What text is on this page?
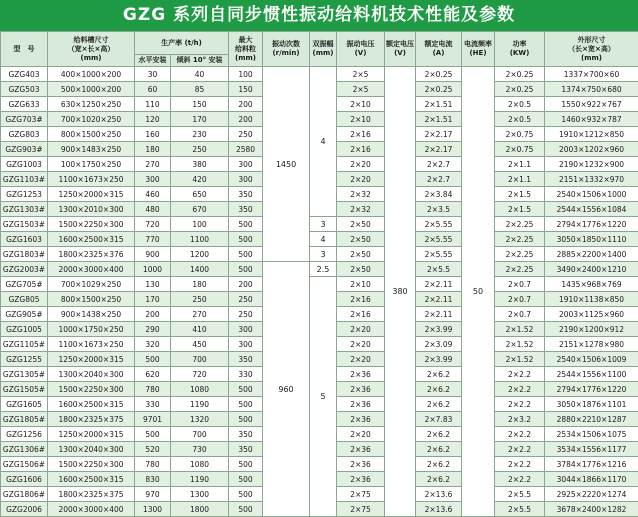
GZG 系列自同步惯性振动给料机技术性能及参数
型　号	给料槽尺寸
（宽×长×高）
(mm)	生产率 (t/h)		最大
给料粒
(mm)	振动次数
(r/min)	双振幅
(mm)	振动电压
(V)	额定电压
(V)	额定电流
(A)	电流频率
(HE)	功率
(KW)	外形尺寸
（长×宽×高）
(mm)
		水平安装	倾斜 10° 安装									
GZG403	400×1000×200	30	40	100	1450	4	2×5	380	2×0.25	50	2×0.25	1337×700×60
GZG503	500×1000×200	60	85	150			2×5		2×0.25		2×0.25	1374×750×680
GZG633	630×1250×250	110	150	200			2×10		2×1.51		2×0.5	1550×922×767
GZG703#	700×1020×250	120	170	200			2×10		2×1.51		2×0.5	1460×932×787
GZG803	800×1500×250	160	230	250			2×16		2×2.17		2×0.75	1910×1212×850
GZG903#	900×1483×250	180	250	2580			2×16		2×2.17		2×0.75	2003×1202×960
GZG1003	100×1750×250	270	380	300			2×20		2×2.7		2×1.1	2190×1232×900
GZG1103#	1100×1673×250	300	420	300			2×20		2×2.7		2×1.1	2151×1332×970
GZG1253	1250×2000×315	460	650	350			2×32		2×3.84		2×1.5	2540×1506×1000
GZG1303#	1300×2010×300	480	670	350			2×32		2×3.5		2×1.5	2544×1556×1084
GZG1503#	1500×2250×300	720	100	500		3	2×50		2×5.55		2×2.25	2794×1776×1220
GZG1603	1600×2500×315	770	1100	500		4	2×50		2×5.55		2×2.25	3050×1850×1110
GZG1803#	1800×2325×376	900	1200	500		3	2×50		2×5.55		2×2.25	2885×2200×1400
GZG2003#	2000×3000×400	1000	1400	500	960	2.5	2×50		2×5.5		2×2.25	3490×2400×1210
GZG705#	700×1029×250	130	180	200		5	2×10		2×2.11		2×0.7	1435×968×769
GZG805	800×1500×250	170	250	250			2×16		2×2.11		2×0.7	1910×1138×850
GZG905#	900×1438×250	200	270	250			2×16		2×2.11		2×0.7	2003×1125×960
GZG1005	1000×1750×250	290	410	300			2×20		2×3.99		2×1.52	2190×1200×912
GZG1105#	1100×1673×250	320	450	300			2×20		2×3.09		2×1.52	2151×1278×980
GZG1255	1250×2000×315	500	700	350			2×20		2×3.99		2×1.52	2540×1506×1009
GZG1305#	1300×2040×300	620	720	330			2×36		2×6.2		2×2.2	2544×1556×1100
GZG1505#	1500×2250×300	780	1080	500			2×36		2×6.2		2×2.2	2794×1776×1220
GZG1605	1600×2500×315	330	1190	500			2×36		2×6.2		2×2.2	3050×1876×1101
GZG1805#	1800×2325×375	9701	1320	500			2×36		2×7.83		2×3.2	2880×2210×1287
GZG1256	1250×2000×315	500	700	350			2×20		2×6.2		2×2.2	2534×1506×1075
GZG1306#	1300×2040×300	520	730	350			2×36		2×6.2		2×2.2	3534×1556×1177
GZG1506#	1500×2250×300	780	1080	500			2×36		2×6.2		2×2.2	3784×1776×1216
GZG1606	1600×2500×315	830	1190	500			2×36		2×6.2		2×2.2	3044×1866×1170
GZG1806#	1800×2325×375	970	1300	500			2×75		2×13.6		2×5.5	2925×2220×1274
GZG2006	2000×3000×400	1300	1800	500			2×75		2×13.6		2×5.5	3678×2400×1282
